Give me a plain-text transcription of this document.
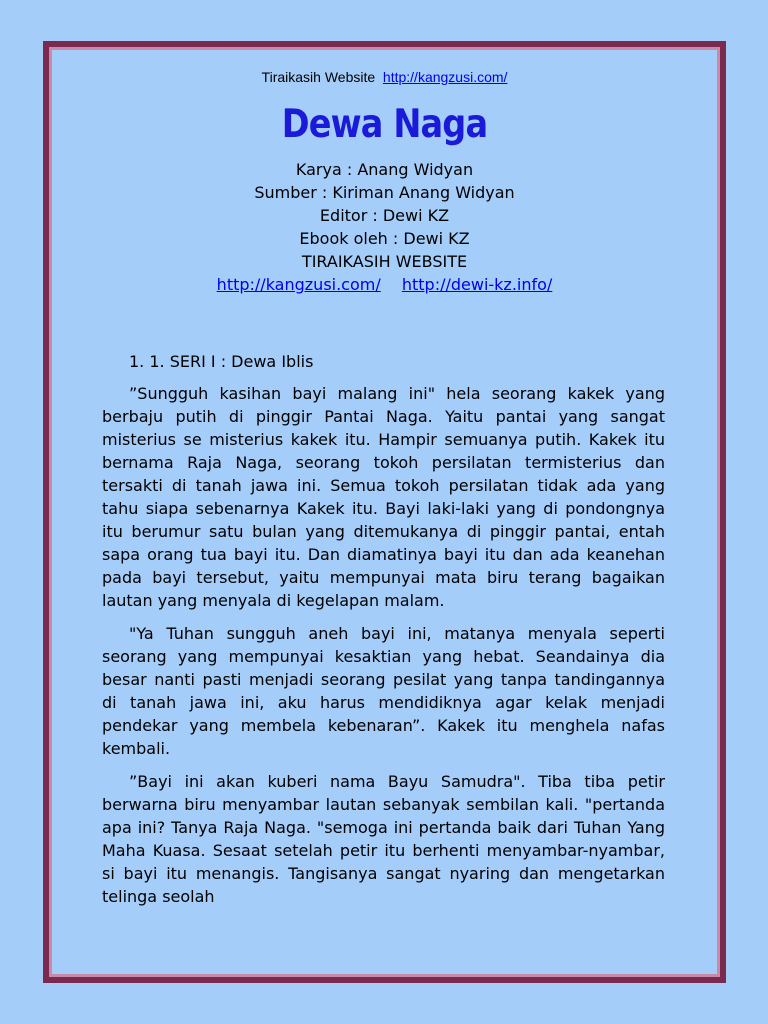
Tiraikasih Website http://kangzusi.com/
Dewa Naga
Karya : Anang Widyan
Sumber : Kiriman Anang Widyan
Editor : Dewi KZ
Ebook oleh : Dewi KZ
TIRAIKASIH WEBSITE
http://kangzusi.com/ http://dewi-kz.info/
1. 1. SERI I : Dewa Iblis

”Sungguh kasihan bayi malang ini" hela seorang kakek yang berbaju putih di pinggir Pantai Naga. Yaitu pantai yang sangat misterius se misterius kakek itu. Hampir semuanya putih. Kakek itu bernama Raja Naga, seorang tokoh persilatan termisterius dan tersakti di tanah jawa ini. Semua tokoh persilatan tidak ada yang tahu siapa sebenarnya Kakek itu. Bayi laki-laki yang di pondongnya itu berumur satu bulan yang ditemukanya di pinggir pantai, entah sapa orang tua bayi itu. Dan diamatinya bayi itu dan ada keanehan pada bayi tersebut, yaitu mempunyai mata biru terang bagaikan lautan yang menyala di kegelapan malam.

"Ya Tuhan sungguh aneh bayi ini, matanya menyala seperti seorang yang mempunyai kesaktian yang hebat. Seandainya dia besar nanti pasti menjadi seorang pesilat yang tanpa tandingannya di tanah jawa ini, aku harus mendidiknya agar kelak menjadi pendekar yang membela kebenaran”. Kakek itu menghela nafas kembali.

”Bayi ini akan kuberi nama Bayu Samudra". Tiba tiba petir berwarna biru menyambar lautan sebanyak sembilan kali. "pertanda apa ini? Tanya Raja Naga. "semoga ini pertanda baik dari Tuhan Yang Maha Kuasa. Sesaat setelah petir itu berhenti menyambar-nyambar, si bayi itu menangis. Tangisanya sangat nyaring dan mengetarkan telinga seolah
